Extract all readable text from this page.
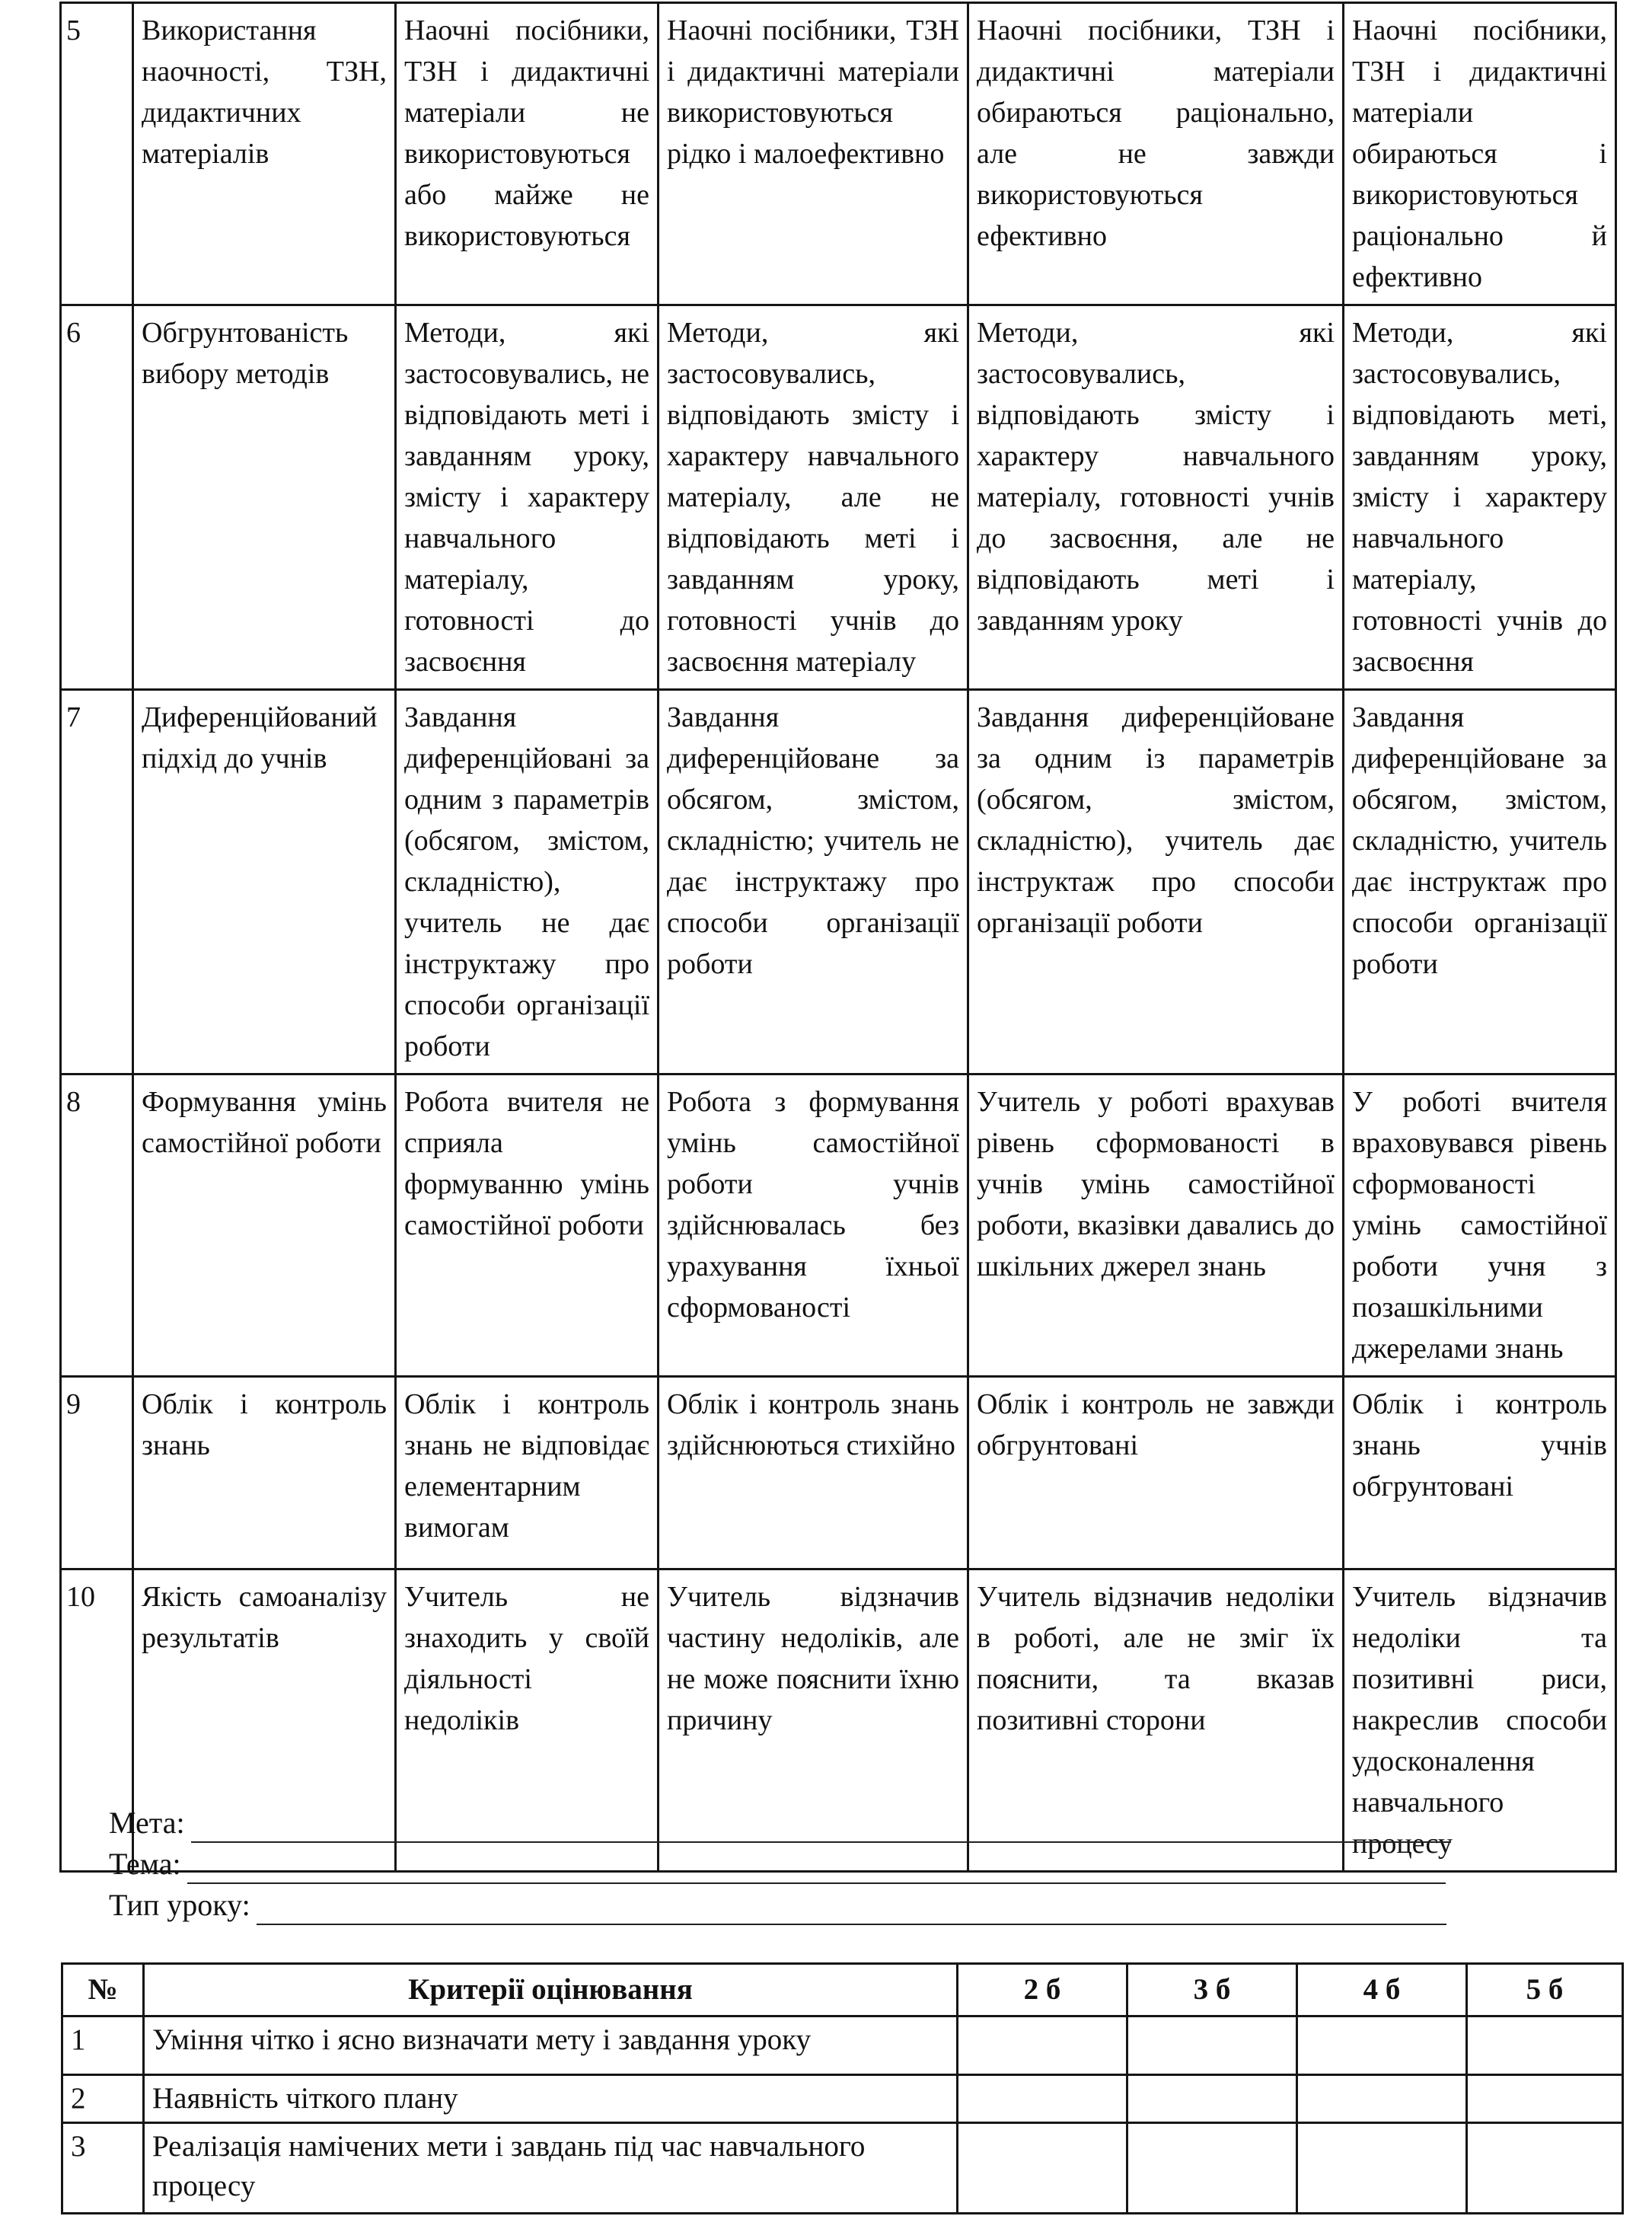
5	Використання наочності, ТЗН, дидактичних матеріалів	Наочні посібники, ТЗН і дидактичні матеріали не використовуються або майже не використовуються	Наочні посібники, ТЗН і дидактичні матеріали використовуються рідко і малоефективно	Наочні посібники, ТЗН і дидактичні матеріали обираються раціонально, але не завжди використовуються ефективно	Наочні посібники, ТЗН і дидактичні матеріали обираються і використовуються раціонально й ефективно
6	Обгрунтованість вибору методів	Методи, які застосовувались, не відповідають меті і завданням уроку, змісту і характеру навчального матеріалу, готовності до засвоєння	Методи, які застосовувались, відповідають змісту і характеру навчального матеріалу, але не відповідають меті і завданням уроку, готовності учнів до засвоєння матеріалу	Методи, які застосовувались, відповідають змісту і характеру навчального матеріалу, готовності учнів до засвоєння, але не відповідають меті і завданням уроку	Методи, які застосовувались, відповідають меті, завданням уроку, змісту і характеру навчального матеріалу, готовності учнів до засвоєння
7	Диференційований підхід до учнів	Завдання диференційовані за одним з параметрів (обсягом, змістом, складністю), учитель не дає інструктажу про способи організації роботи	Завдання диференційоване за обсягом, змістом, складністю; учитель не дає інструктажу про способи організації роботи	Завдання диференційоване за одним із параметрів (обсягом, змістом, складністю), учитель дає інструктаж про способи організації роботи	Завдання диференційоване за обсягом, змістом, складністю, учитель дає інструктаж про способи організації роботи
8	Формування умінь самостійної роботи	Робота вчителя не сприяла формуванню умінь самостійної роботи	Робота з формування умінь самостійної роботи учнів здійснювалась без урахування їхньої сформованості	Учитель у роботі врахував рівень сформованості в учнів умінь самостійної роботи, вказівки давались до шкільних джерел знань	У роботі вчителя враховувався рівень сформованості умінь самостійної роботи учня з позашкільними джерелами знань
9	Облік і контроль знань	Облік і контроль знань не відповідає елементарним вимогам	Облік і контроль знань здійснюються стихійно	Облік і контроль не завжди обгрунтовані	Облік і контроль знань учнів обгрунтовані
10	Якість самоаналізу результатів	Учитель не знаходить у своїй діяльності недоліків	Учитель відзначив частину недоліків, але не може пояснити їхню причину	Учитель відзначив недоліки в роботі, але не зміг їх пояснити, та вказав позитивні сторони	Учитель відзначив недоліки та позитивні риси, накреслив способи удосконалення навчального процесу
Мета:
Тема:
Тип уроку:
№	Критерії оцінювання	2 б	3 б	4 б	5 б
1	Уміння чітко і ясно визначати мету і завдання уроку				
2	Наявність чіткого плану				
3	Реалізація намічених мети і завдань під час навчального процесу				
